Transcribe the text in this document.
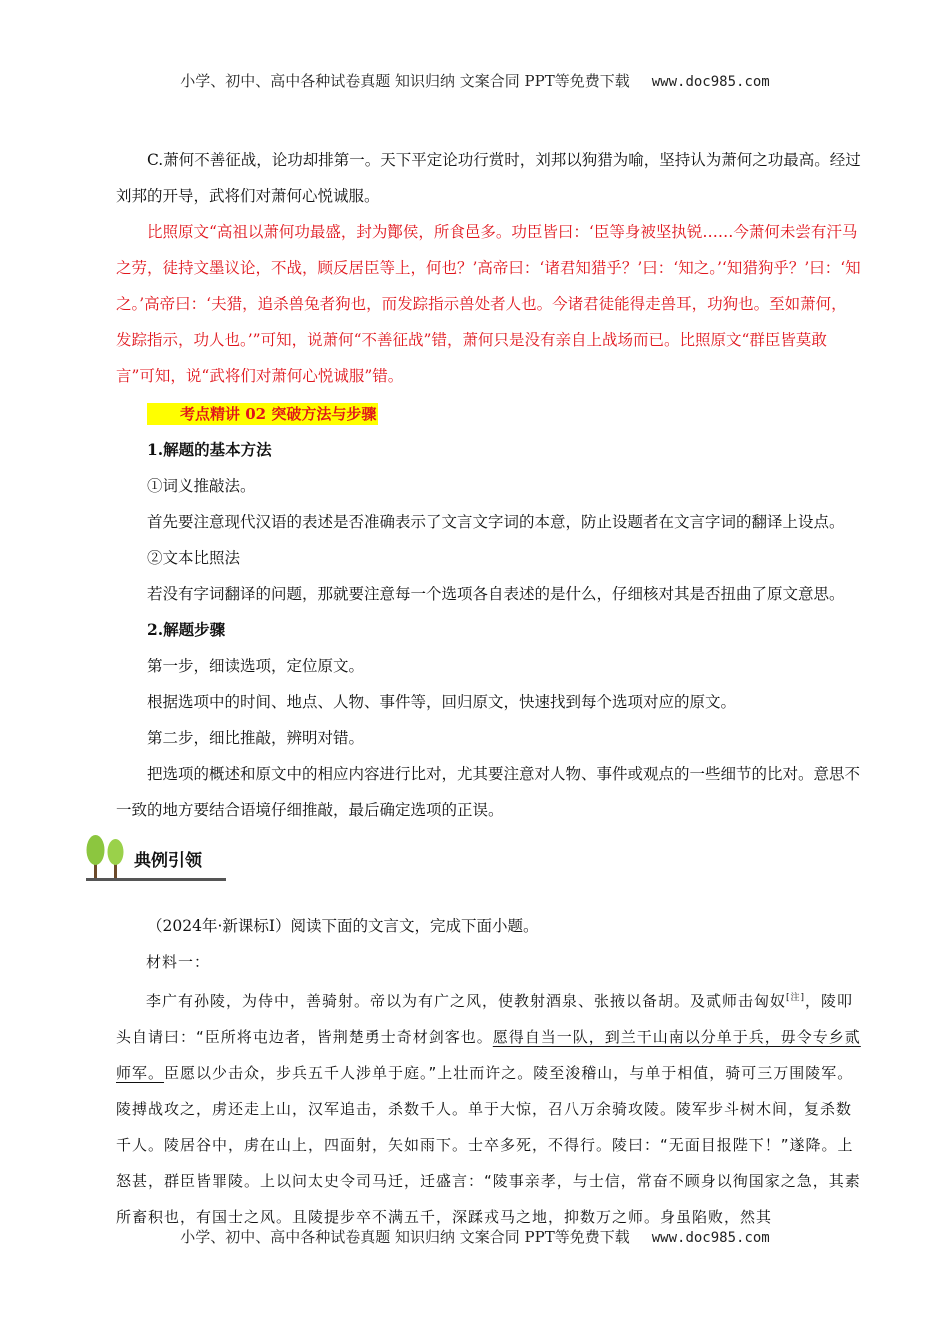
小学、初中、高中各种试卷真题 知识归纳 文案合同 PPT等免费下载 www.doc985.com

C.萧何不善征战，论功却排第一。天下平定论功行赏时，刘邦以狗猎为喻，坚持认为萧何之功最高。经过刘邦的开导，武将们对萧何心悦诚服。

比照原文“高祖以萧何功最盛，封为酇侯，所食邑多。功臣皆曰：‘臣等身被坚执锐……今萧何未尝有汗马之劳，徒持文墨议论，不战，顾反居臣等上，何也？’高帝曰：‘诸君知猎乎？’曰：‘知之。’‘知猎狗乎？’曰：‘知之。’高帝曰：‘夫猎，追杀兽兔者狗也，而发踪指示兽处者人也。今诸君徒能得走兽耳，功狗也。至如萧何，发踪指示，功人也。’”可知，说萧何“不善征战”错，萧何只是没有亲自上战场而已。比照原文“群臣皆莫敢言”可知，说“武将们对萧何心悦诚服”错。

考点精讲 02 突破方法与步骤

1.解题的基本方法

①词义推敲法。

首先要注意现代汉语的表述是否准确表示了文言文字词的本意，防止设题者在文言字词的翻译上设点。

②文本比照法

若没有字词翻译的问题，那就要注意每一个选项各自表述的是什么，仔细核对其是否扭曲了原文意思。

2.解题步骤

第一步，细读选项，定位原文。

根据选项中的时间、地点、人物、事件等，回归原文，快速找到每个选项对应的原文。

第二步，细比推敲，辨明对错。

把选项的概述和原文中的相应内容进行比对，尤其要注意对人物、事件或观点的一些细节的比对。意思不一致的地方要结合语境仔细推敲，最后确定选项的正误。

典例引领

（2024年·新课标Ⅰ）阅读下面的文言文，完成下面小题。

材料一：

李广有孙陵，为侍中，善骑射。帝以为有广之风，使教射酒泉、张掖以备胡。及贰师击匈奴[注]，陵叩头自请曰：“臣所将屯边者，皆荆楚勇士奇材剑客也。愿得自当一队，到兰干山南以分单于兵，毋令专乡贰师军。臣愿以少击众，步兵五千人涉单于庭。”上壮而许之。陵至浚稽山，与单于相值，骑可三万围陵军。陵搏战攻之，虏还走上山，汉军追击，杀数千人。单于大惊，召八万余骑攻陵。陵军步斗树木间，复杀数千人。陵居谷中，虏在山上，四面射，矢如雨下。士卒多死，不得行。陵曰：“无面目报陛下！”遂降。上怒甚，群臣皆罪陵。上以问太史令司马迁，迁盛言：“陵事亲孝，与士信，常奋不顾身以徇国家之急，其素所畜积也，有国士之风。且陵提步卒不满五千，深蹂戎马之地，抑数万之师。身虽陷败，然其

小学、初中、高中各种试卷真题 知识归纳 文案合同 PPT等免费下载 www.doc985.com
